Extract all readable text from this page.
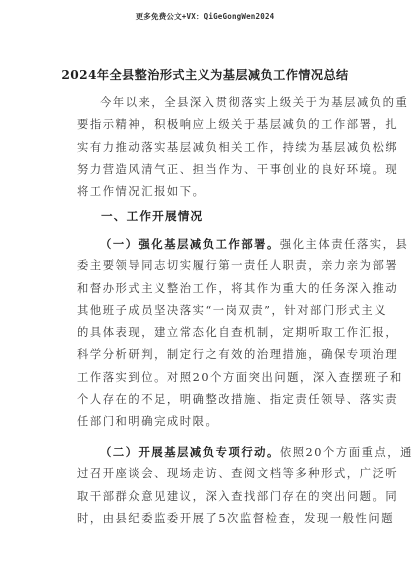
更多免费公文+VX：QiGeGongWen2024
2024年全县整治形式主义为基层减负工作情况总结
今年以来，全县深入贯彻落实上级关于为基层减负的重
要指示精神，积极响应上级关于基层减负的工作部署，扎
实有力推动落实基层减负相关工作，持续为基层减负松绑
努力营造风清气正、担当作为、干事创业的良好环境。现
将工作情况汇报如下。
一、工作开展情况
（一）强化基层减负工作部署。强化主体责任落实，县
委主要领导同志切实履行第一责任人职责，亲力亲为部署
和督办形式主义整治工作，将其作为重大的任务深入推动
其他班子成员坚决落实“一岗双责”，针对部门形式主义
的具体表现，建立常态化自查机制，定期听取工作汇报，
科学分析研判，制定行之有效的治理措施，确保专项治理
工作落实到位。对照20个方面突出问题，深入查摆班子和
个人存在的不足，明确整改措施、指定责任领导、落实责
任部门和明确完成时限。
（二）开展基层减负专项行动。依照20个方面重点，通
过召开座谈会、现场走访、查阅文档等多种形式，广泛听
取干部群众意见建议，深入查找部门存在的突出问题。同
时，由县纪委监委开展了5次监督检查，发现一般性问题
